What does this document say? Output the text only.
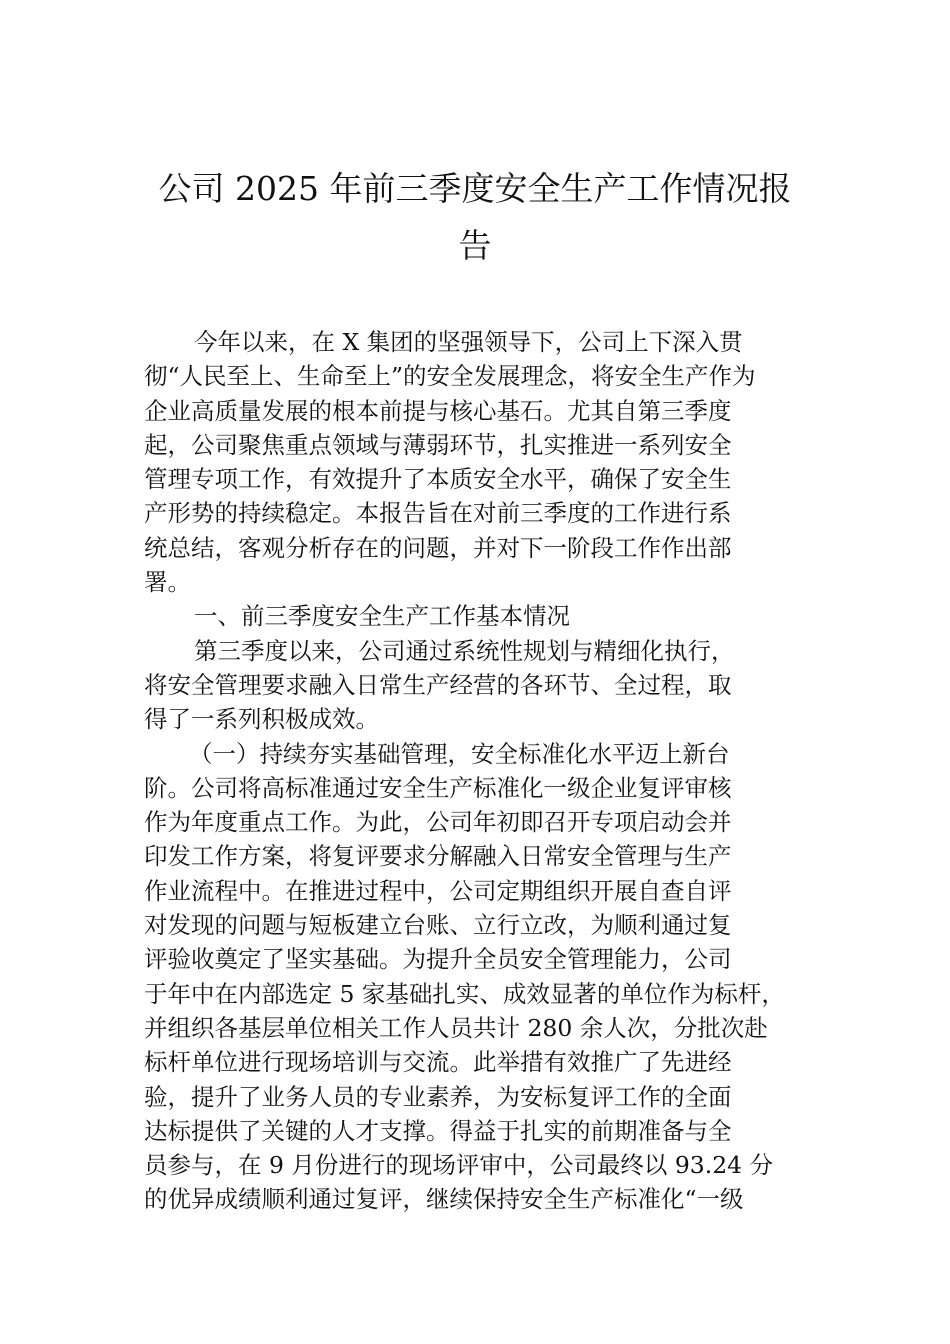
公司 2025 年前三季度安全生产工作情况报
告

今年以来，在 X 集团的坚强领导下，公司上下深入贯
彻“人民至上、生命至上”的安全发展理念，将安全生产作为
企业高质量发展的根本前提与核心基石。尤其自第三季度
起，公司聚焦重点领域与薄弱环节，扎实推进一系列安全
管理专项工作，有效提升了本质安全水平，确保了安全生
产形势的持续稳定。本报告旨在对前三季度的工作进行系
统总结，客观分析存在的问题，并对下一阶段工作作出部
署。

一、前三季度安全生产工作基本情况

第三季度以来，公司通过系统性规划与精细化执行，
将安全管理要求融入日常生产经营的各环节、全过程，取
得了一系列积极成效。

（一）持续夯实基础管理，安全标准化水平迈上新台
阶。公司将高标准通过安全生产标准化一级企业复评审核
作为年度重点工作。为此，公司年初即召开专项启动会并
印发工作方案，将复评要求分解融入日常安全管理与生产
作业流程中。在推进过程中，公司定期组织开展自查自评
对发现的问题与短板建立台账、立行立改，为顺利通过复
评验收奠定了坚实基础。为提升全员安全管理能力，公司
于年中在内部选定 5 家基础扎实、成效显著的单位作为标杆，
并组织各基层单位相关工作人员共计 280 余人次，分批次赴
标杆单位进行现场培训与交流。此举措有效推广了先进经
验，提升了业务人员的专业素养，为安标复评工作的全面
达标提供了关键的人才支撑。得益于扎实的前期准备与全
员参与，在 9 月份进行的现场评审中，公司最终以 93.24 分
的优异成绩顺利通过复评，继续保持安全生产标准化“一级
